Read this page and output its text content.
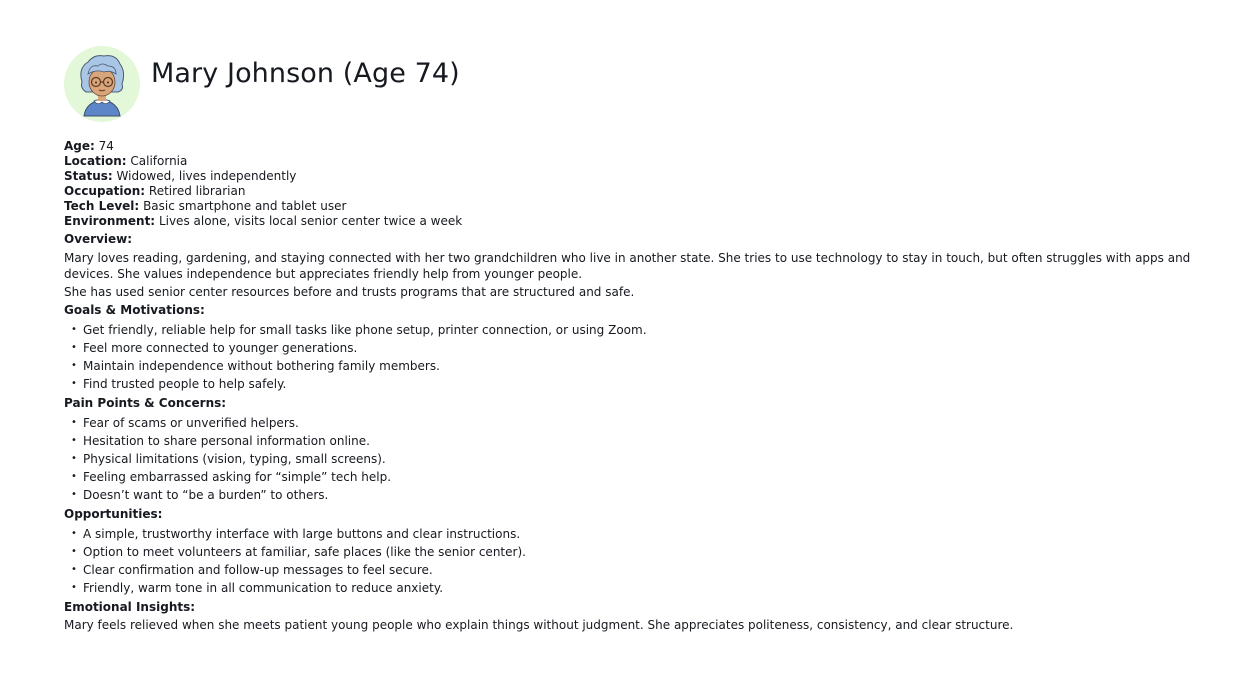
Mary Johnson (Age 74)
Age: 74
Location: California
Status: Widowed, lives independently
Occupation: Retired librarian
Tech Level: Basic smartphone and tablet user
Environment: Lives alone, visits local senior center twice a week
Overview:

Mary loves reading, gardening, and staying connected with her two grandchildren who live in another state. She tries to use technology to stay in touch, but often struggles with apps and devices. She values independence but appreciates friendly help from younger people.

She has used senior center resources before and trusts programs that are structured and safe.

Goals & Motivations:
• Get friendly, reliable help for small tasks like phone setup, printer connection, or using Zoom.
• Feel more connected to younger generations.
• Maintain independence without bothering family members.
• Find trusted people to help safely.
Pain Points & Concerns:
• Fear of scams or unverified helpers.
• Hesitation to share personal information online.
• Physical limitations (vision, typing, small screens).
• Feeling embarrassed asking for “simple” tech help.
• Doesn’t want to “be a burden” to others.
Opportunities:
• A simple, trustworthy interface with large buttons and clear instructions.
• Option to meet volunteers at familiar, safe places (like the senior center).
• Clear confirmation and follow-up messages to feel secure.
• Friendly, warm tone in all communication to reduce anxiety.
Emotional Insights:

Mary feels relieved when she meets patient young people who explain things without judgment. She appreciates politeness, consistency, and clear structure.
